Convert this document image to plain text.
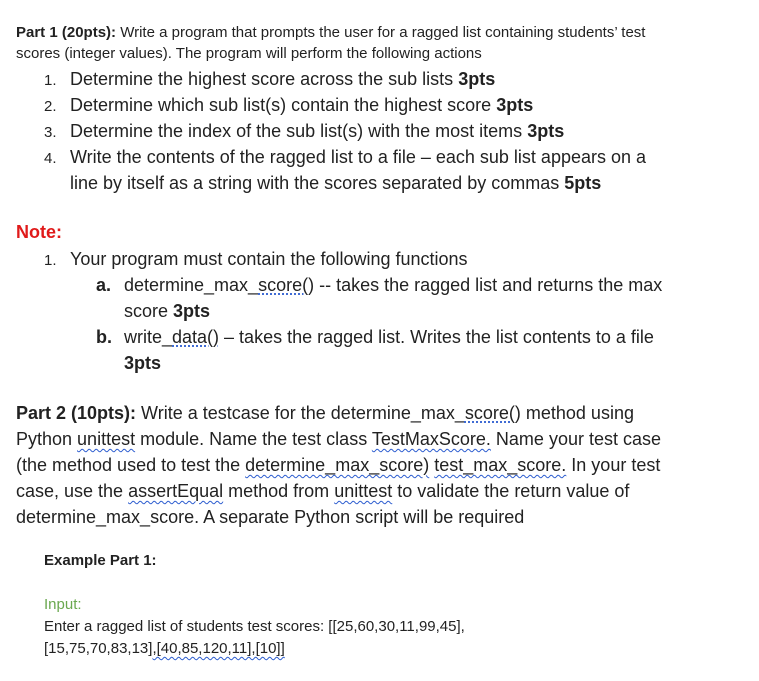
Part 1 (20pts): Write a program that prompts the user for a ragged list containing students’ test
scores (integer values). The program will perform the following actions
1. Determine the highest score across the sub lists 3pts
2. Determine which sub list(s) contain the highest score 3pts
3. Determine the index of the sub list(s) with the most items 3pts
4. Write the contents of the ragged list to a file – each sub list appears on a
line by itself as a string with the scores separated by commas 5pts
Note:
1. Your program must contain the following functions
a. determine_max_score() -- takes the ragged list and returns the max
score 3pts
b. write_data() – takes the ragged list. Writes the list contents to a file
3pts
Part 2 (10pts): Write a testcase for the determine_max_score() method using
Python unittest module. Name the test class TestMaxScore. Name your test case
(the method used to test the determine_max_score) test_max_score. In your test
case, use the assertEqual method from unittest to validate the return value of
determine_max_score. A separate Python script will be required
Example Part 1:
Input:
Enter a ragged list of students test scores: [[25,60,30,11,99,45],
[15,75,70,83,13],[40,85,120,11],[10]]
